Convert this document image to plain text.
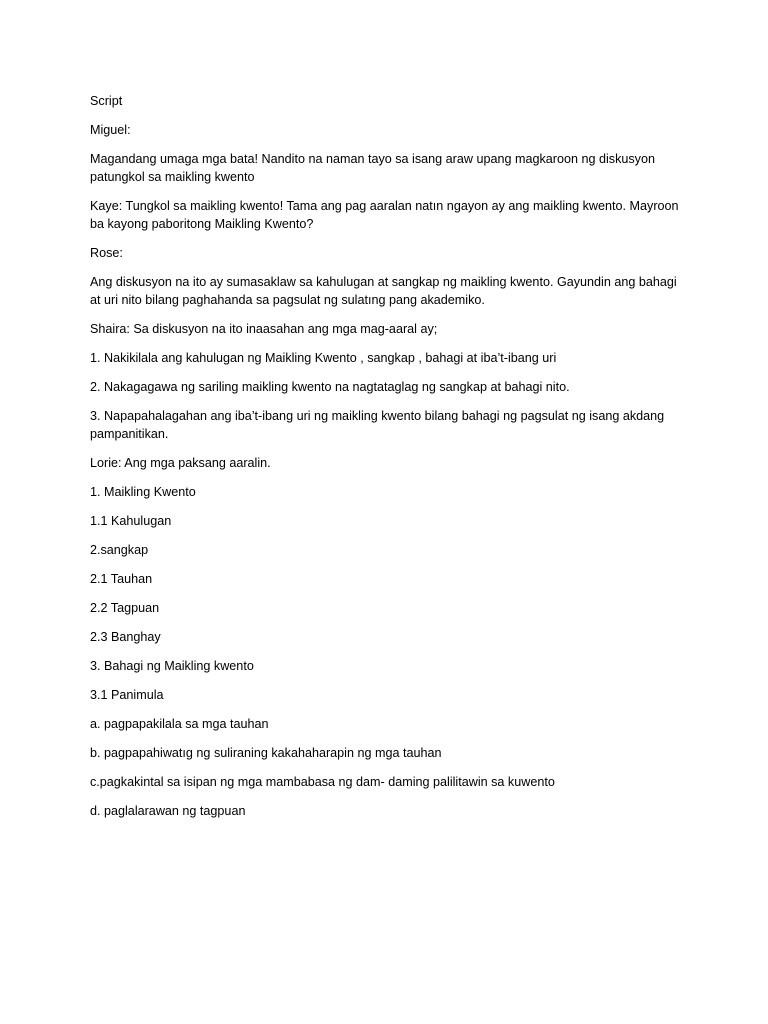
Script

Miguel:

Magandang umaga mga bata! Nandito na naman tayo sa isang araw upang magkaroon ng diskusyon patungkol sa maikling kwento

Kaye: Tungkol sa maikling kwento! Tama ang pag aaralan natın ngayon ay ang maikling kwento. Mayroon ba kayong paboritong Maikling Kwento?

Rose:

Ang diskusyon na ito ay sumasaklaw sa kahulugan at sangkap ng maikling kwento. Gayundin ang bahagi at uri nito bilang paghahanda sa pagsulat ng sulatıng pang akademiko.

Shaira: Sa diskusyon na ito inaasahan ang mga mag-aaral ay;

1. Nakikilala ang kahulugan ng Maikling Kwento , sangkap , bahagi at iba’t-ibang uri

2. Nakagagawa ng sariling maikling kwento na nagtataglag ng sangkap at bahagi nito.

3. Napapahalagahan ang iba’t-ibang uri ng maikling kwento bilang bahagi ng pagsulat ng isang akdang pampanitikan.

Lorie: Ang mga paksang aaralin.

1. Maikling Kwento

1.1 Kahulugan

2.sangkap

2.1 Tauhan

2.2 Tagpuan

2.3 Banghay

3. Bahagi ng Maikling kwento

3.1 Panimula

a. pagpapakilala sa mga tauhan

b. pagpapahiwatıg ng suliraning kakahaharapin ng mga tauhan

c.pagkakintal sa isipan ng mga mambabasa ng dam- daming palilitawin sa kuwento

d. paglalarawan ng tagpuan
